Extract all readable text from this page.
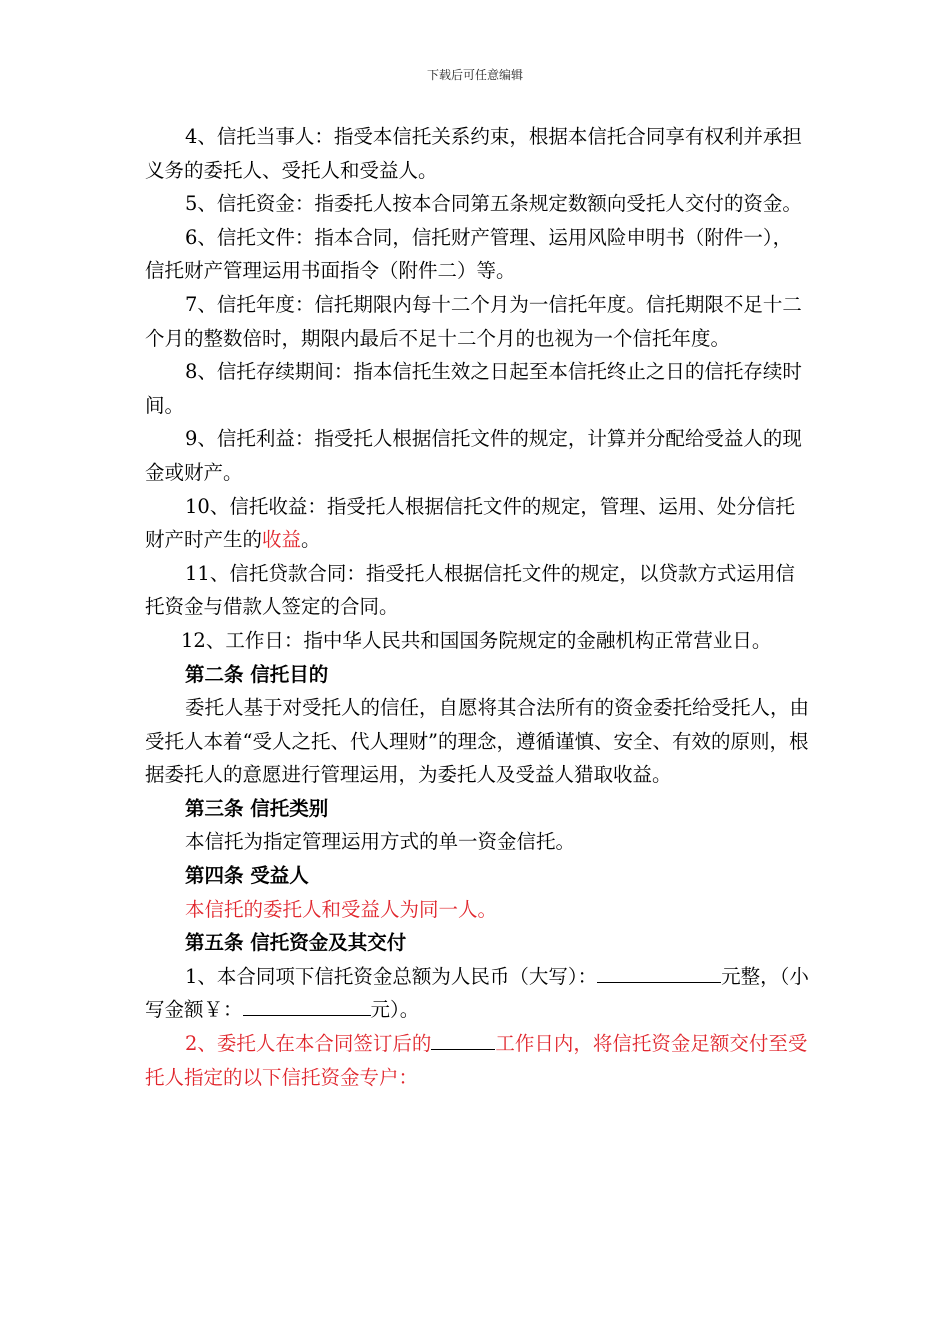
下载后可任意编辑

4、信托当事人：指受本信托关系约束，根据本信托合同享有权利并承担义务的委托人、受托人和受益人。

5、信托资金：指委托人按本合同第五条规定数额向受托人交付的资金。

6、信托文件：指本合同，信托财产管理、运用风险申明书（附件一），信托财产管理运用书面指令（附件二）等。

7、信托年度：信托期限内每十二个月为一信托年度。信托期限不足十二个月的整数倍时，期限内最后不足十二个月的也视为一个信托年度。

8、信托存续期间：指本信托生效之日起至本信托终止之日的信托存续时间。

9、信托利益：指受托人根据信托文件的规定，计算并分配给受益人的现金或财产。

10、信托收益：指受托人根据信托文件的规定，管理、运用、处分信托财产时产生的收益。

11、信托贷款合同：指受托人根据信托文件的规定，以贷款方式运用信托资金与借款人签定的合同。

12、工作日：指中华人民共和国国务院规定的金融机构正常营业日。

第二条 信托目的

委托人基于对受托人的信任，自愿将其合法所有的资金委托给受托人，由受托人本着“受人之托、代人理财”的理念，遵循谨慎、安全、有效的原则，根据委托人的意愿进行管理运用，为委托人及受益人猎取收益。

第三条 信托类别

本信托为指定管理运用方式的单一资金信托。

第四条 受益人

本信托的委托人和受益人为同一人。

第五条 信托资金及其交付

1、本合同项下信托资金总额为人民币（大写）：	元整，（小写金额￥：	元）。

2、委托人在本合同签订后的	工作日内，将信托资金足额交付至受托人指定的以下信托资金专户：
